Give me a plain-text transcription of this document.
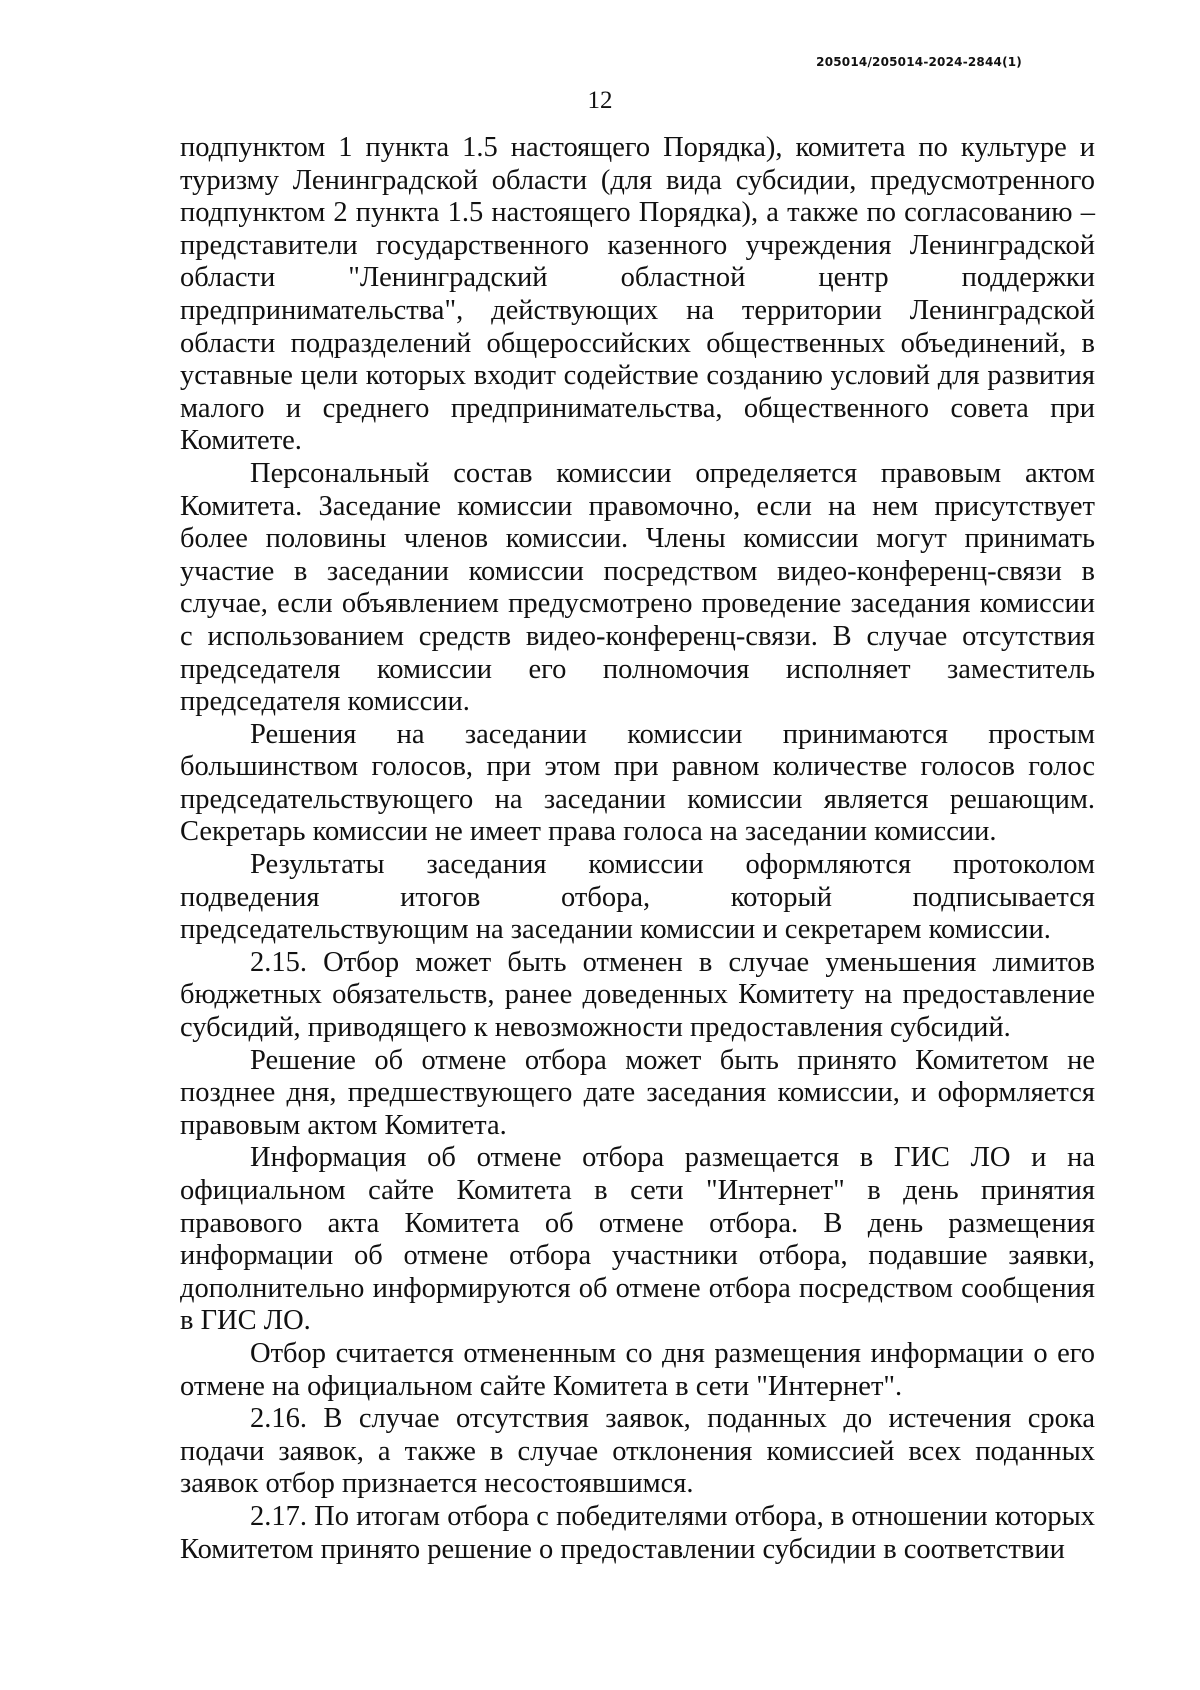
205014/205014-2024-2844(1)
12

подпунктом 1 пункта 1.5 настоящего Порядка), комитета по культуре и туризму Ленинградской области (для вида субсидии, предусмотренного подпунктом 2 пункта 1.5 настоящего Порядка), а также по согласованию – представители государственного казенного учреждения Ленинградской области "Ленинградский областной центр поддержки предпринимательства", действующих на территории Ленинградской области подразделений общероссийских общественных объединений, в уставные цели которых входит содействие созданию условий для развития малого и среднего предпринимательства, общественного совета при Комитете.

Персональный состав комиссии определяется правовым актом Комитета. Заседание комиссии правомочно, если на нем присутствует более половины членов комиссии. Члены комиссии могут принимать участие в заседании комиссии посредством видео-конференц-связи в случае, если объявлением предусмотрено проведение заседания комиссии с использованием средств видео-конференц-связи. В случае отсутствия председателя комиссии его полномочия исполняет заместитель председателя комиссии.

Решения на заседании комиссии принимаются простым большинством голосов, при этом при равном количестве голосов голос председательствующего на заседании комиссии является решающим. Секретарь комиссии не имеет права голоса на заседании комиссии.

Результаты заседания комиссии оформляются протоколом подведения итогов отбора, который подписывается председательствующим на заседании комиссии и секретарем комиссии.

2.15. Отбор может быть отменен в случае уменьшения лимитов бюджетных обязательств, ранее доведенных Комитету на предоставление субсидий, приводящего к невозможности предоставления субсидий.

Решение об отмене отбора может быть принято Комитетом не позднее дня, предшествующего дате заседания комиссии, и оформляется правовым актом Комитета.

Информация об отмене отбора размещается в ГИС ЛО и на официальном сайте Комитета в сети "Интернет" в день принятия правового акта Комитета об отмене отбора. В день размещения информации об отмене отбора участники отбора, подавшие заявки, дополнительно информируются об отмене отбора посредством сообщения в ГИС ЛО.

Отбор считается отмененным со дня размещения информации о его отмене на официальном сайте Комитета в сети "Интернет".

2.16. В случае отсутствия заявок, поданных до истечения срока подачи заявок, а также в случае отклонения комиссией всех поданных заявок отбор признается несостоявшимся.

2.17. По итогам отбора с победителями отбора, в отношении которых Комитетом принято решение о предоставлении субсидии в соответствии
